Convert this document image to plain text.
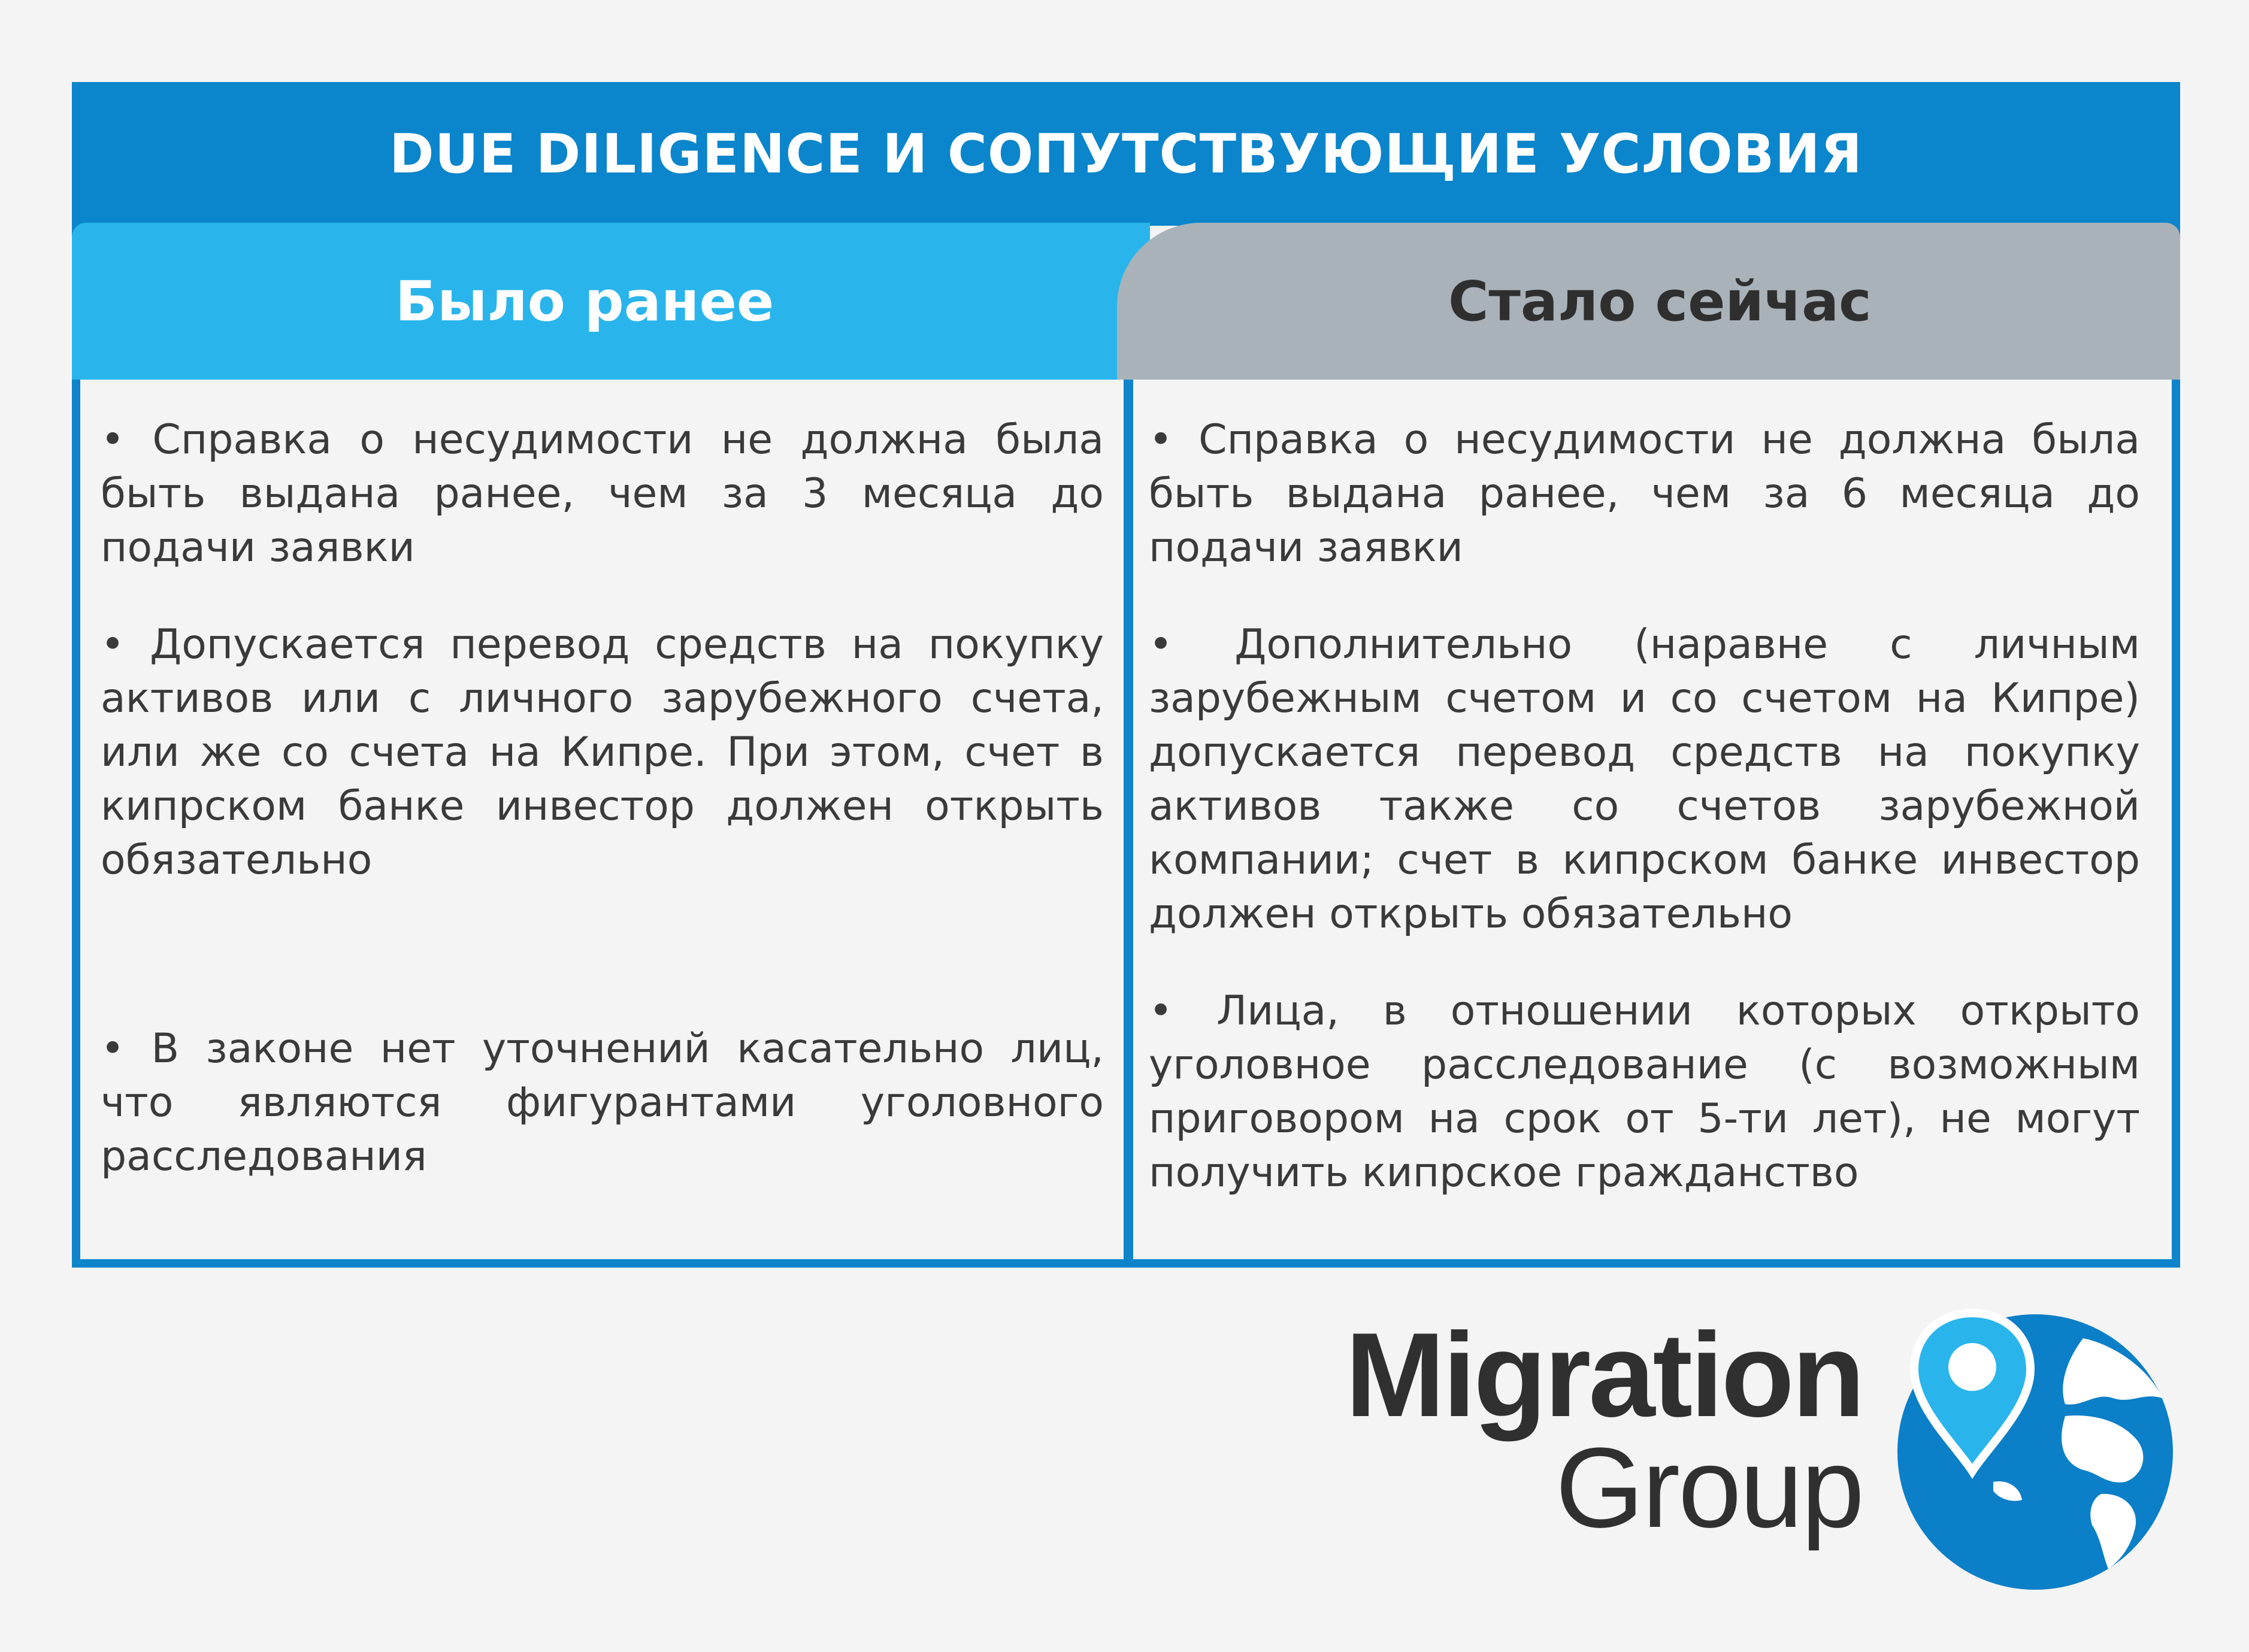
DUE DILIGENCE И СОПУТСТВУЮЩИЕ УСЛОВИЯ
Было ранее	Стало сейчас

• Справка о несудимости не должна была быть выдана ранее, чем за 3 месяца до подачи заявки

• Допускается перевод средств на покупку активов или с личного зарубежного счета, или же со счета на Кипре. При этом, счет в кипрском банке инвестор должен открыть обязательно

• В законе нет уточнений касательно лиц, что являются фигурантами уголовного расследования

• Справка о несудимости не должна была быть выдана ранее, чем за 6 месяца до подачи заявки

• Дополнительно (наравне с личным зарубежным счетом и со счетом на Кипре) допускается перевод средств на покупку активов также со счетов зарубежной компании; счет в кипрском банке инвестор должен открыть обязательно

• Лица, в отношении которых открыто уголовное расследование (с возможным приговором на срок от 5-ти лет), не могут получить кипрское гражданство

Migration
Group
